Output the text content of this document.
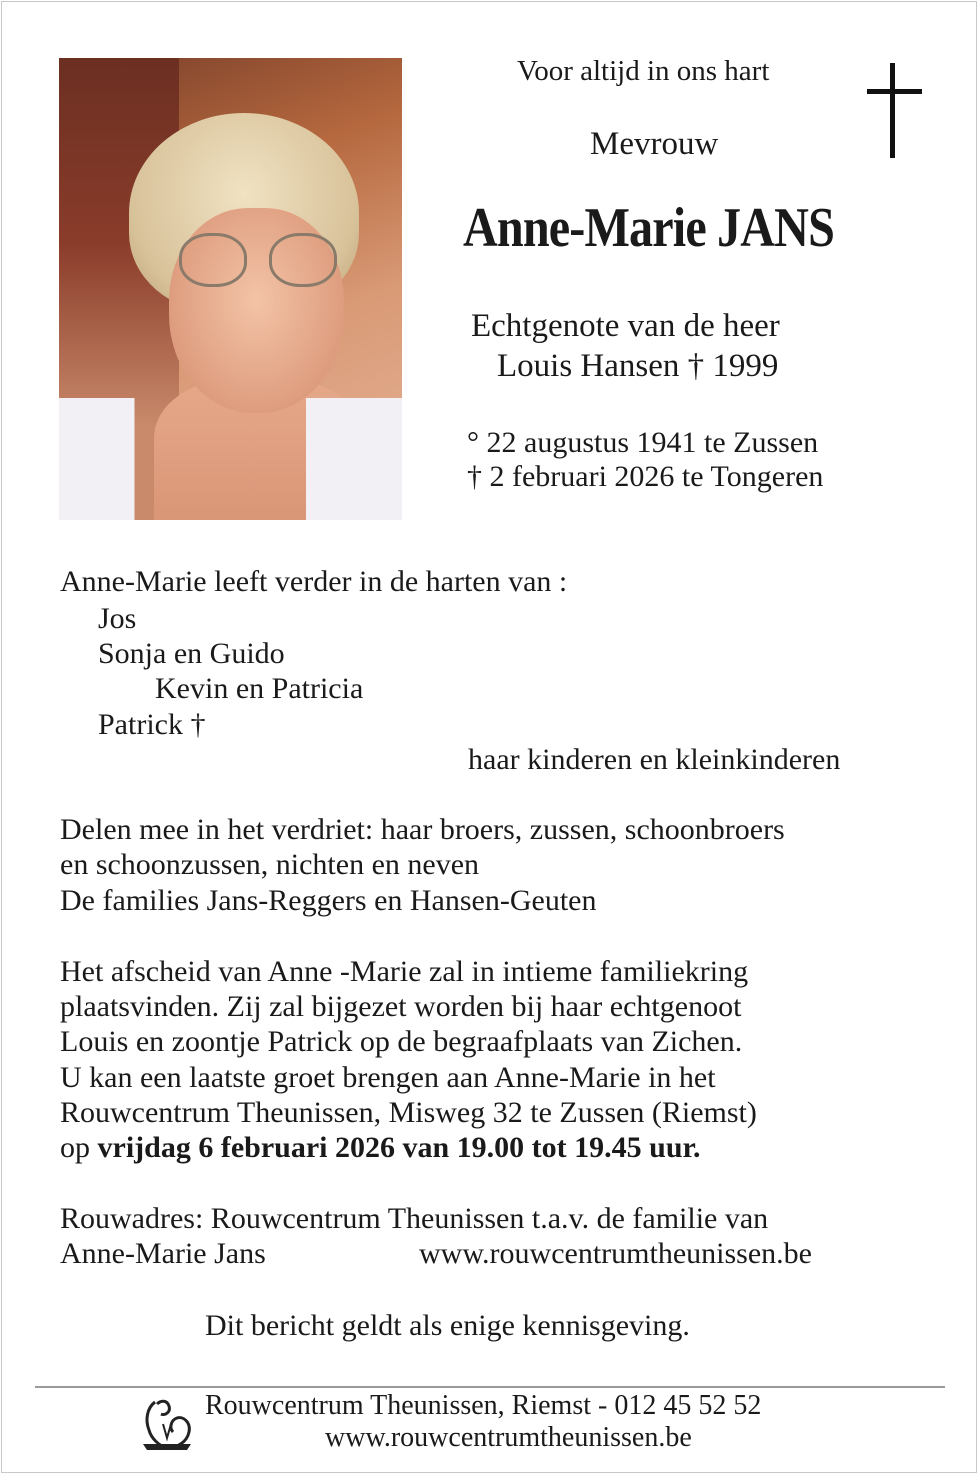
Voor altijd in ons hart
Mevrouw
Anne-Marie JANS
Echtgenote van de heer
Louis Hansen † 1999
° 22 augustus 1941 te Zussen
† 2 februari 2026 te Tongeren
Anne-Marie leeft verder in de harten van :
Jos
Sonja en Guido
Kevin en Patricia
Patrick †
haar kinderen en kleinkinderen
Delen mee in het verdriet: haar broers, zussen, schoonbroers
en schoonzussen, nichten en neven
De families Jans-Reggers en Hansen-Geuten
Het afscheid van Anne -Marie zal in intieme familiekring
plaatsvinden. Zij zal bijgezet worden bij haar echtgenoot
Louis en zoontje Patrick op de begraafplaats van Zichen.
U kan een laatste groet brengen aan Anne-Marie in het
Rouwcentrum Theunissen, Misweg 32 te Zussen (Riemst)
op vrijdag 6 februari 2026 van 19.00 tot 19.45 uur.
Rouwadres: Rouwcentrum Theunissen t.a.v. de familie van
Anne-Marie Jans	www.rouwcentrumtheunissen.be
Dit bericht geldt als enige kennisgeving.
Rouwcentrum Theunissen, Riemst - 012 45 52 52
www.rouwcentrumtheunissen.be
